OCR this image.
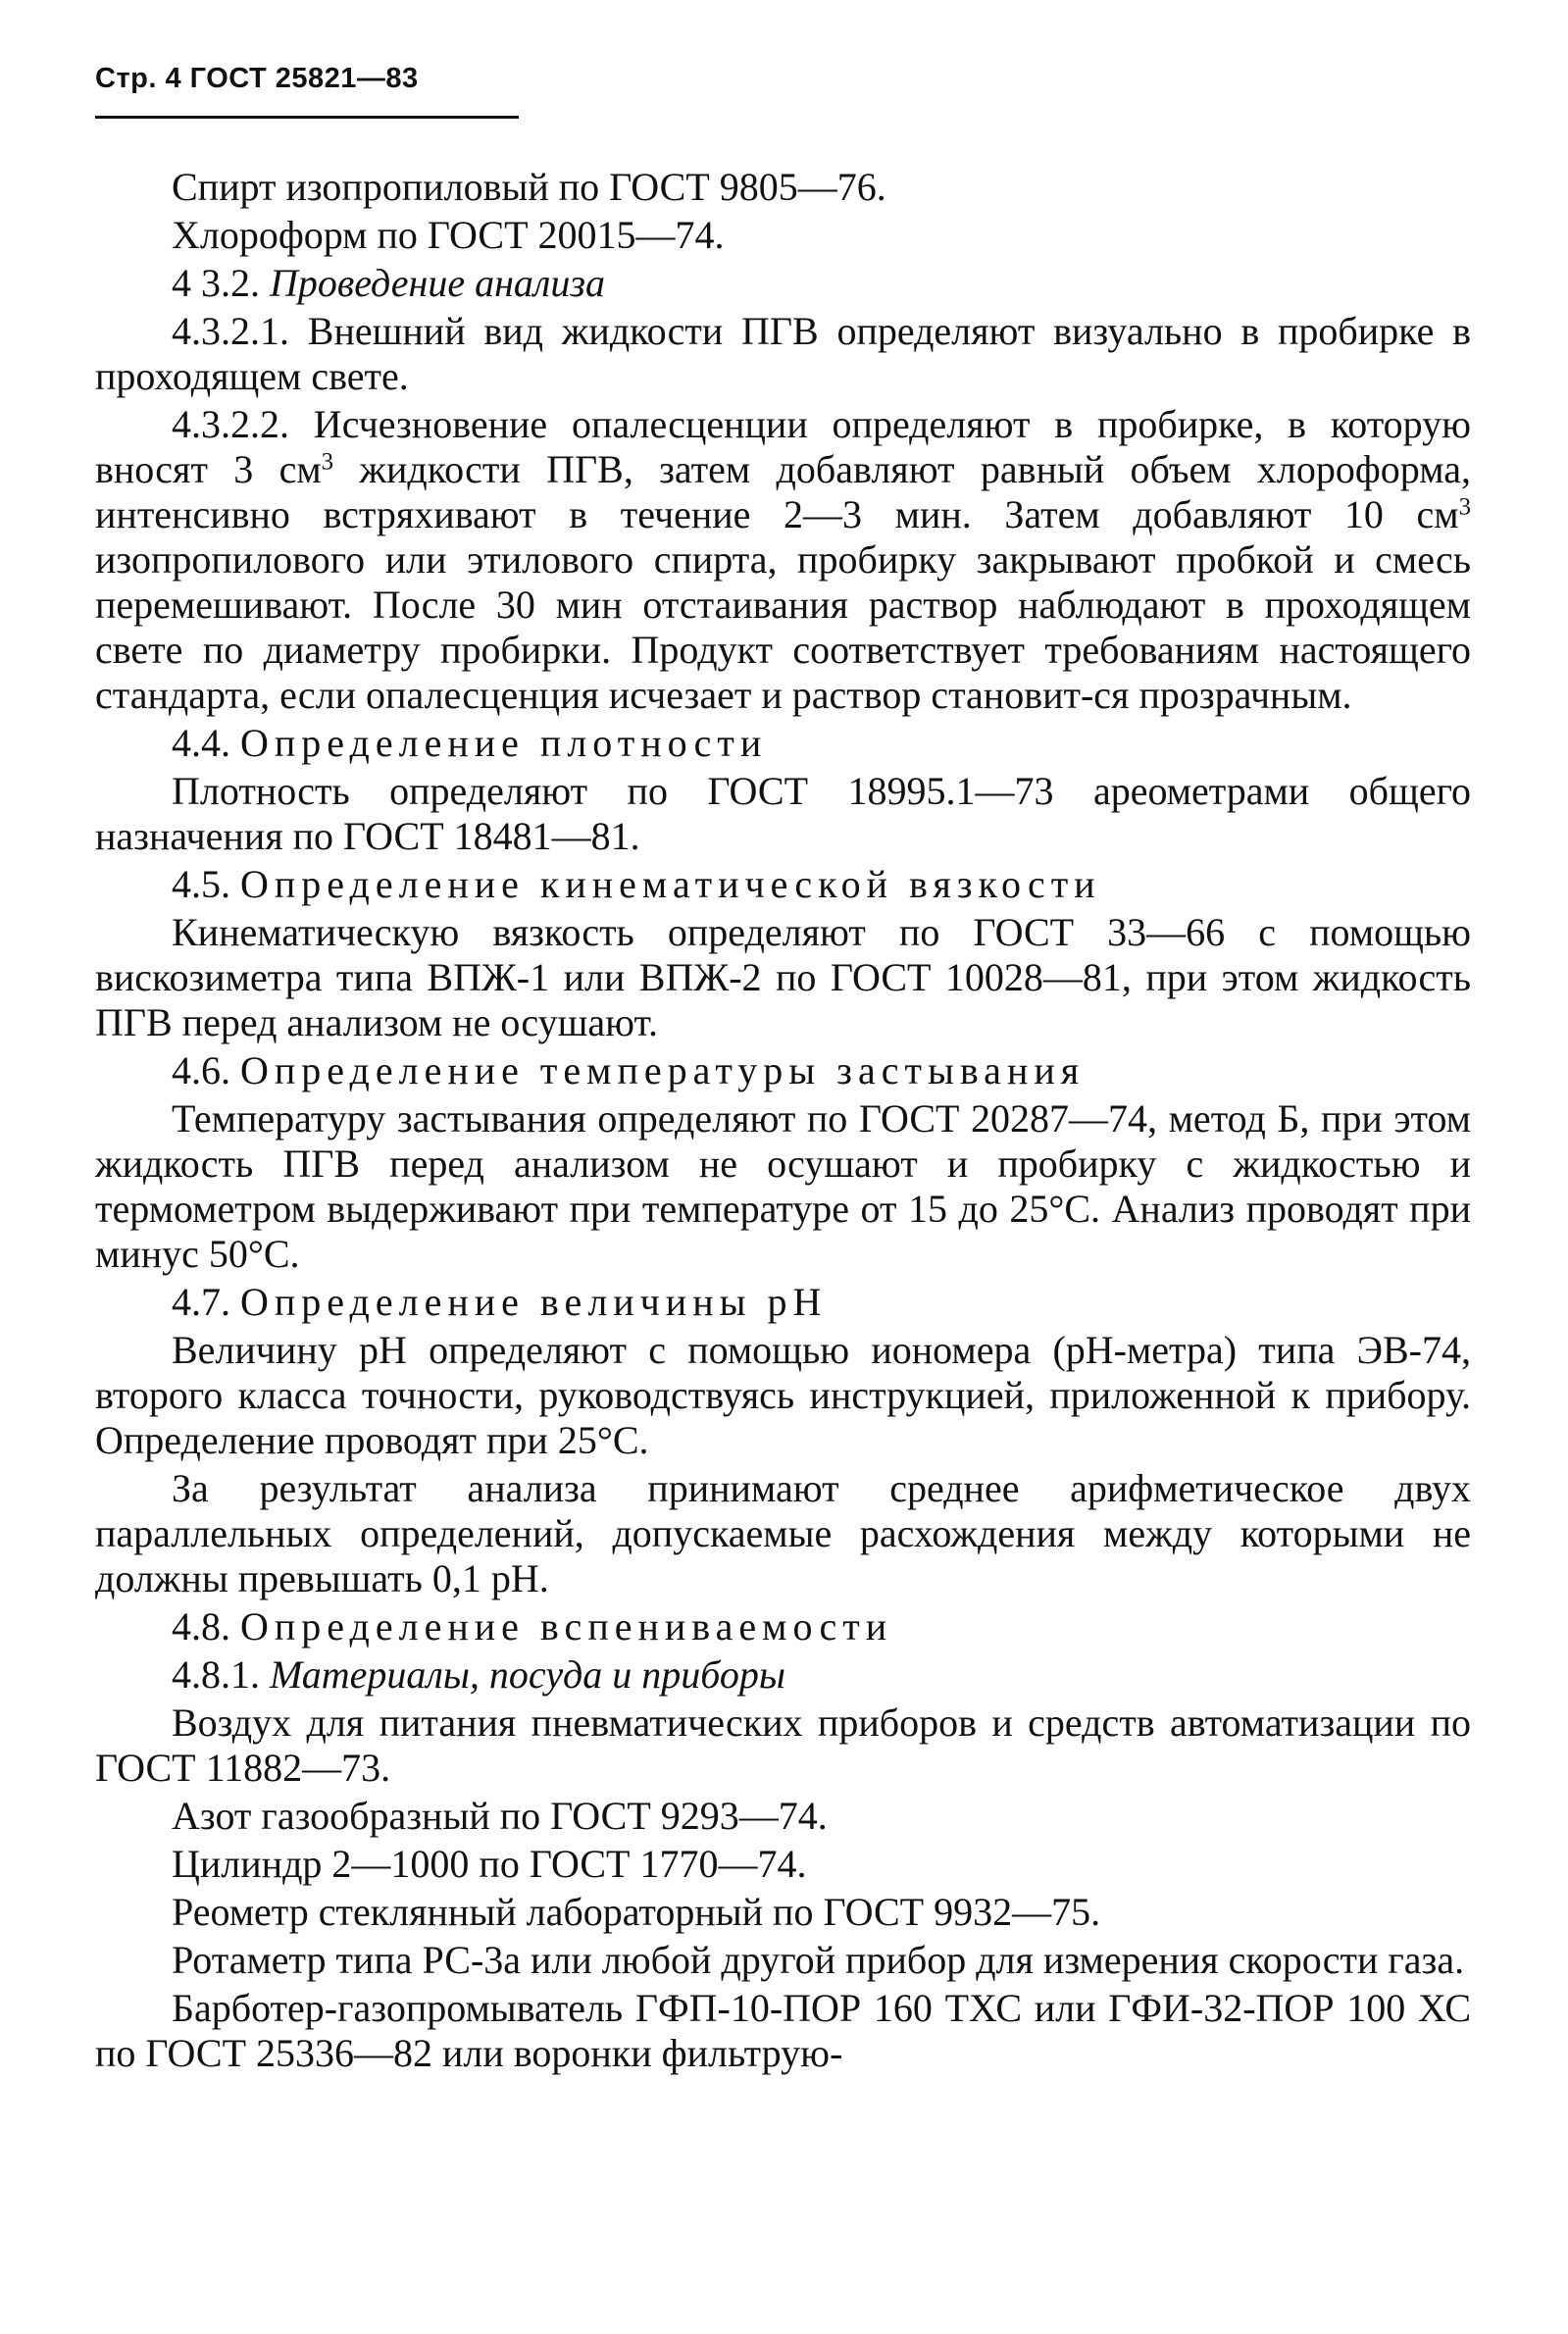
Стр. 4 ГОСТ 25821—83

Спирт изопропиловый по ГОСТ 9805—76.

Хлороформ по ГОСТ 20015—74.

4 3.2. Проведение анализа

4.3.2.1. Внешний вид жидкости ПГВ определяют визуально в пробирке в проходящем свете.

4.3.2.2. Исчезновение опалесценции определяют в пробирке, в которую вносят 3 $см^3$ жидкости ПГВ, затем добавляют равный объем хлороформа, интенсивно встряхивают в течение 2—3 мин. Затем добавляют 10 $см^3$ изопропилового или этилового спирта, пробирку закрывают пробкой и смесь перемешивают. После 30 мин отстаивания раствор наблюдают в проходящем свете по диаметру пробирки. Продукт соответствует требованиям настоящего стандарта, если опалесценция исчезает и раствор становит-ся прозрачным.

4.4. Определение плотности

Плотность определяют по ГОСТ 18995.1—73 ареометрами общего назначения по ГОСТ 18481—81.

4.5. Определение кинематической вязкости

Кинематическую вязкость определяют по ГОСТ 33—66 с помощью вискозиметра типа ВПЖ-1 или ВПЖ-2 по ГОСТ 10028—81, при этом жидкость ПГВ перед анализом не осушают.

4.6. Определение температуры застывания

Температуру застывания определяют по ГОСТ 20287—74, метод Б, при этом жидкость ПГВ перед анализом не осушают и пробирку с жидкостью и термометром выдерживают при температуре от 15 до 25°С. Анализ проводят при минус 50°С.

4.7. Определение величины рН

Величину рН определяют с помощью иономера (рН-метра) типа ЭВ-74, второго класса точности, руководствуясь инструкцией, приложенной к прибору. Определение проводят при 25°С.

За результат анализа принимают среднее арифметическое двух параллельных определений, допускаемые расхождения между которыми не должны превышать 0,1 рН.

4.8. Определение вспениваемости

4.8.1. Материалы, посуда и приборы

Воздух для питания пневматических приборов и средств автоматизации по ГОСТ 11882—73.

Азот газообразный по ГОСТ 9293—74.

Цилиндр 2—1000 по ГОСТ 1770—74.

Реометр стеклянный лабораторный по ГОСТ 9932—75.

Ротаметр типа РС-3а или любой другой прибор для измерения скорости газа.

Барботер-газопромыватель ГФП-10-ПОР 160 ТХС или ГФИ-32-ПОР 100 ХС по ГОСТ 25336—82 или воронки фильтрую-
